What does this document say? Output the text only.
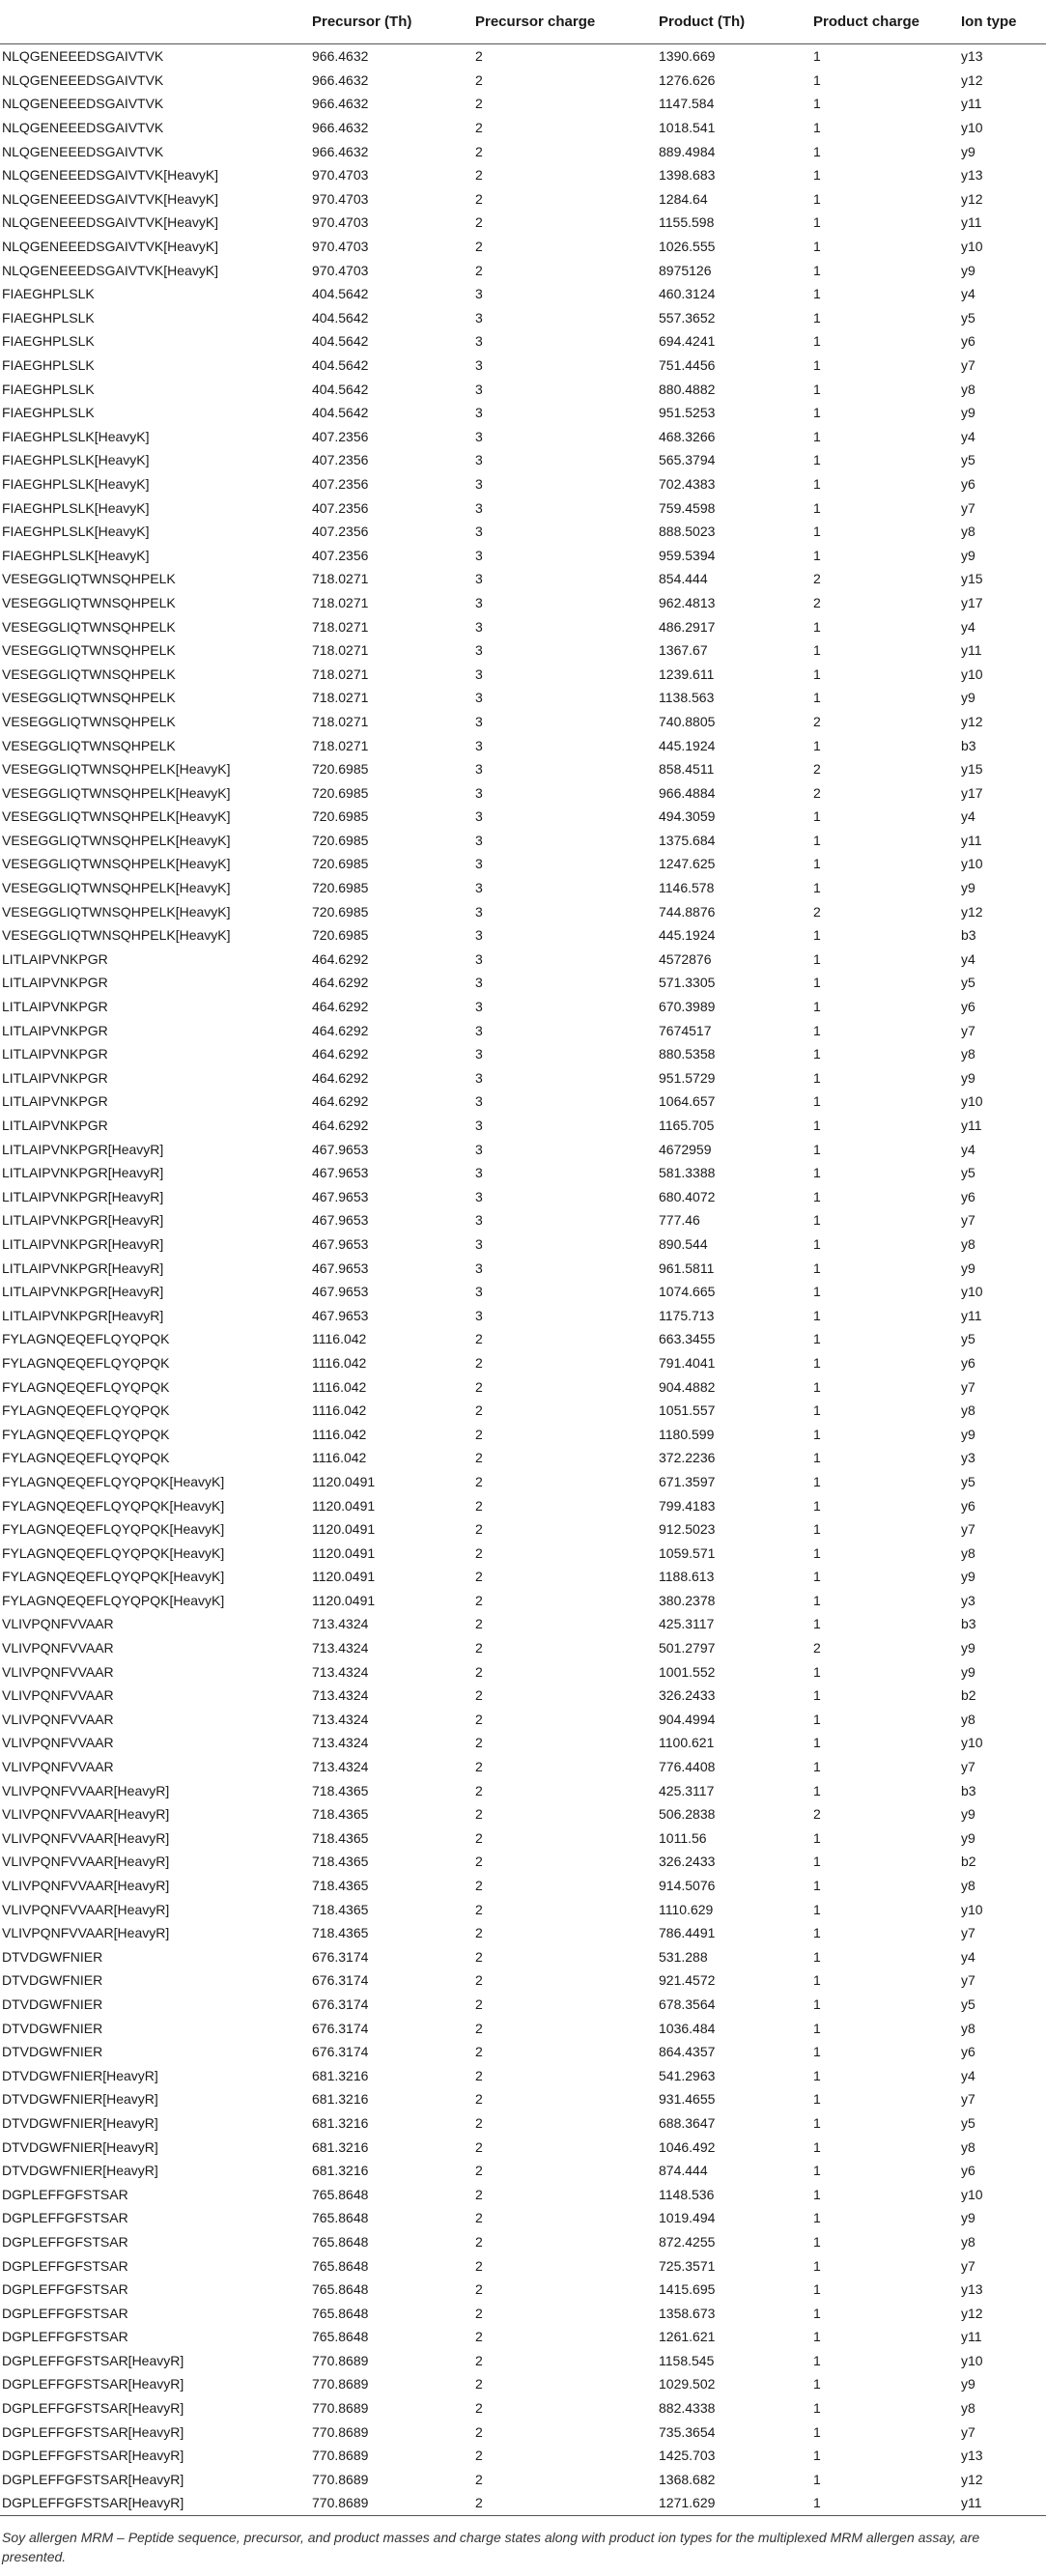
	Precursor (Th)	Precursor charge	Product (Th)	Product charge	Ion type
NLQGENEEEDSGAIVTVK	966.4632	2	1390.669	1	y13
NLQGENEEEDSGAIVTVK	966.4632	2	1276.626	1	y12
NLQGENEEEDSGAIVTVK	966.4632	2	1147.584	1	y11
NLQGENEEEDSGAIVTVK	966.4632	2	1018.541	1	y10
NLQGENEEEDSGAIVTVK	966.4632	2	889.4984	1	y9
NLQGENEEEDSGAIVTVK[HeavyK]	970.4703	2	1398.683	1	y13
NLQGENEEEDSGAIVTVK[HeavyK]	970.4703	2	1284.64	1	y12
NLQGENEEEDSGAIVTVK[HeavyK]	970.4703	2	1155.598	1	y11
NLQGENEEEDSGAIVTVK[HeavyK]	970.4703	2	1026.555	1	y10
NLQGENEEEDSGAIVTVK[HeavyK]	970.4703	2	8975126	1	y9
FIAEGHPLSLK	404.5642	3	460.3124	1	y4
FIAEGHPLSLK	404.5642	3	557.3652	1	y5
FIAEGHPLSLK	404.5642	3	694.4241	1	y6
FIAEGHPLSLK	404.5642	3	751.4456	1	y7
FIAEGHPLSLK	404.5642	3	880.4882	1	y8
FIAEGHPLSLK	404.5642	3	951.5253	1	y9
FIAEGHPLSLK[HeavyK]	407.2356	3	468.3266	1	y4
FIAEGHPLSLK[HeavyK]	407.2356	3	565.3794	1	y5
FIAEGHPLSLK[HeavyK]	407.2356	3	702.4383	1	y6
FIAEGHPLSLK[HeavyK]	407.2356	3	759.4598	1	y7
FIAEGHPLSLK[HeavyK]	407.2356	3	888.5023	1	y8
FIAEGHPLSLK[HeavyK]	407.2356	3	959.5394	1	y9
VESEGGLIQTWNSQHPELK	718.0271	3	854.444	2	y15
VESEGGLIQTWNSQHPELK	718.0271	3	962.4813	2	y17
VESEGGLIQTWNSQHPELK	718.0271	3	486.2917	1	y4
VESEGGLIQTWNSQHPELK	718.0271	3	1367.67	1	y11
VESEGGLIQTWNSQHPELK	718.0271	3	1239.611	1	y10
VESEGGLIQTWNSQHPELK	718.0271	3	1138.563	1	y9
VESEGGLIQTWNSQHPELK	718.0271	3	740.8805	2	y12
VESEGGLIQTWNSQHPELK	718.0271	3	445.1924	1	b3
VESEGGLIQTWNSQHPELK[HeavyK]	720.6985	3	858.4511	2	y15
VESEGGLIQTWNSQHPELK[HeavyK]	720.6985	3	966.4884	2	y17
VESEGGLIQTWNSQHPELK[HeavyK]	720.6985	3	494.3059	1	y4
VESEGGLIQTWNSQHPELK[HeavyK]	720.6985	3	1375.684	1	y11
VESEGGLIQTWNSQHPELK[HeavyK]	720.6985	3	1247.625	1	y10
VESEGGLIQTWNSQHPELK[HeavyK]	720.6985	3	1146.578	1	y9
VESEGGLIQTWNSQHPELK[HeavyK]	720.6985	3	744.8876	2	y12
VESEGGLIQTWNSQHPELK[HeavyK]	720.6985	3	445.1924	1	b3
LITLAIPVNKPGR	464.6292	3	4572876	1	y4
LITLAIPVNKPGR	464.6292	3	571.3305	1	y5
LITLAIPVNKPGR	464.6292	3	670.3989	1	y6
LITLAIPVNKPGR	464.6292	3	7674517	1	y7
LITLAIPVNKPGR	464.6292	3	880.5358	1	y8
LITLAIPVNKPGR	464.6292	3	951.5729	1	y9
LITLAIPVNKPGR	464.6292	3	1064.657	1	y10
LITLAIPVNKPGR	464.6292	3	1165.705	1	y11
LITLAIPVNKPGR[HeavyR]	467.9653	3	4672959	1	y4
LITLAIPVNKPGR[HeavyR]	467.9653	3	581.3388	1	y5
LITLAIPVNKPGR[HeavyR]	467.9653	3	680.4072	1	y6
LITLAIPVNKPGR[HeavyR]	467.9653	3	777.46	1	y7
LITLAIPVNKPGR[HeavyR]	467.9653	3	890.544	1	y8
LITLAIPVNKPGR[HeavyR]	467.9653	3	961.5811	1	y9
LITLAIPVNKPGR[HeavyR]	467.9653	3	1074.665	1	y10
LITLAIPVNKPGR[HeavyR]	467.9653	3	1175.713	1	y11
FYLAGNQEQEFLQYQPQK	1116.042	2	663.3455	1	y5
FYLAGNQEQEFLQYQPQK	1116.042	2	791.4041	1	y6
FYLAGNQEQEFLQYQPQK	1116.042	2	904.4882	1	y7
FYLAGNQEQEFLQYQPQK	1116.042	2	1051.557	1	y8
FYLAGNQEQEFLQYQPQK	1116.042	2	1180.599	1	y9
FYLAGNQEQEFLQYQPQK	1116.042	2	372.2236	1	y3
FYLAGNQEQEFLQYQPQK[HeavyK]	1120.0491	2	671.3597	1	y5
FYLAGNQEQEFLQYQPQK[HeavyK]	1120.0491	2	799.4183	1	y6
FYLAGNQEQEFLQYQPQK[HeavyK]	1120.0491	2	912.5023	1	y7
FYLAGNQEQEFLQYQPQK[HeavyK]	1120.0491	2	1059.571	1	y8
FYLAGNQEQEFLQYQPQK[HeavyK]	1120.0491	2	1188.613	1	y9
FYLAGNQEQEFLQYQPQK[HeavyK]	1120.0491	2	380.2378	1	y3
VLIVPQNFVVAAR	713.4324	2	425.3117	1	b3
VLIVPQNFVVAAR	713.4324	2	501.2797	2	y9
VLIVPQNFVVAAR	713.4324	2	1001.552	1	y9
VLIVPQNFVVAAR	713.4324	2	326.2433	1	b2
VLIVPQNFVVAAR	713.4324	2	904.4994	1	y8
VLIVPQNFVVAAR	713.4324	2	1100.621	1	y10
VLIVPQNFVVAAR	713.4324	2	776.4408	1	y7
VLIVPQNFVVAAR[HeavyR]	718.4365	2	425.3117	1	b3
VLIVPQNFVVAAR[HeavyR]	718.4365	2	506.2838	2	y9
VLIVPQNFVVAAR[HeavyR]	718.4365	2	1011.56	1	y9
VLIVPQNFVVAAR[HeavyR]	718.4365	2	326.2433	1	b2
VLIVPQNFVVAAR[HeavyR]	718.4365	2	914.5076	1	y8
VLIVPQNFVVAAR[HeavyR]	718.4365	2	1110.629	1	y10
VLIVPQNFVVAAR[HeavyR]	718.4365	2	786.4491	1	y7
DTVDGWFNIER	676.3174	2	531.288	1	y4
DTVDGWFNIER	676.3174	2	921.4572	1	y7
DTVDGWFNIER	676.3174	2	678.3564	1	y5
DTVDGWFNIER	676.3174	2	1036.484	1	y8
DTVDGWFNIER	676.3174	2	864.4357	1	y6
DTVDGWFNIER[HeavyR]	681.3216	2	541.2963	1	y4
DTVDGWFNIER[HeavyR]	681.3216	2	931.4655	1	y7
DTVDGWFNIER[HeavyR]	681.3216	2	688.3647	1	y5
DTVDGWFNIER[HeavyR]	681.3216	2	1046.492	1	y8
DTVDGWFNIER[HeavyR]	681.3216	2	874.444	1	y6
DGPLEFFGFSTSAR	765.8648	2	1148.536	1	y10
DGPLEFFGFSTSAR	765.8648	2	1019.494	1	y9
DGPLEFFGFSTSAR	765.8648	2	872.4255	1	y8
DGPLEFFGFSTSAR	765.8648	2	725.3571	1	y7
DGPLEFFGFSTSAR	765.8648	2	1415.695	1	y13
DGPLEFFGFSTSAR	765.8648	2	1358.673	1	y12
DGPLEFFGFSTSAR	765.8648	2	1261.621	1	y11
DGPLEFFGFSTSAR[HeavyR]	770.8689	2	1158.545	1	y10
DGPLEFFGFSTSAR[HeavyR]	770.8689	2	1029.502	1	y9
DGPLEFFGFSTSAR[HeavyR]	770.8689	2	882.4338	1	y8
DGPLEFFGFSTSAR[HeavyR]	770.8689	2	735.3654	1	y7
DGPLEFFGFSTSAR[HeavyR]	770.8689	2	1425.703	1	y13
DGPLEFFGFSTSAR[HeavyR]	770.8689	2	1368.682	1	y12
DGPLEFFGFSTSAR[HeavyR]	770.8689	2	1271.629	1	y11
Soy allergen MRM – Peptide sequence, precursor, and product masses and charge states along with product ion types for the multiplexed MRM allergen assay, are presented.
